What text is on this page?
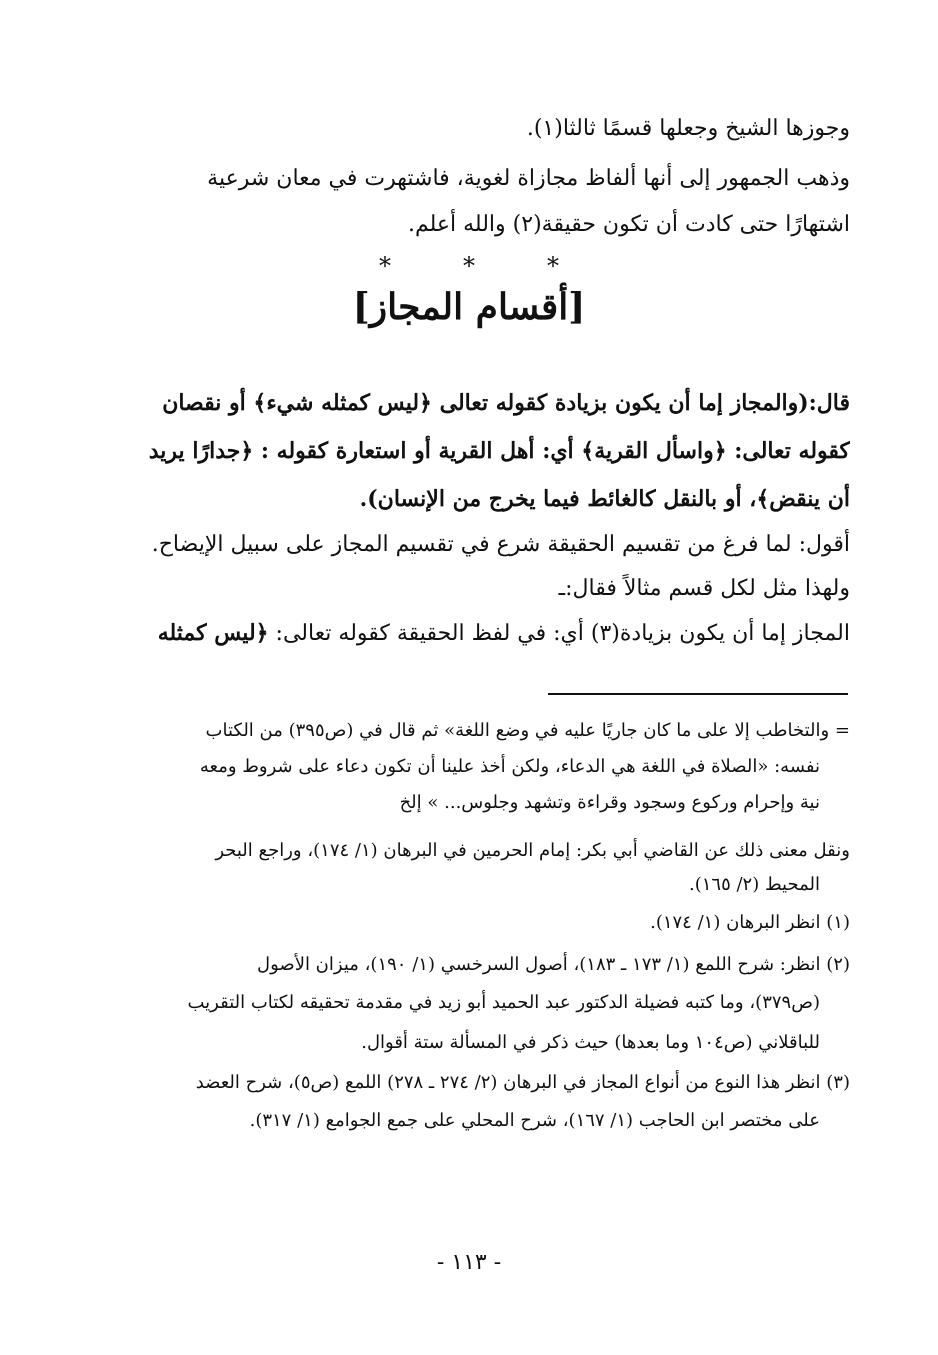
وجوزها الشيخ وجعلها قسمًا ثالثا(١).
وذهب الجمهور إلى أنها ألفاظ مجازاة لغوية، فاشتهرت في معان شرعية
اشتهارًا حتى كادت أن تكون حقيقة(٢) والله أعلم.
*	*	*
[أقسام المجاز]
قال:(والمجاز إما أن يكون بزيادة كقوله تعالى ﴿ليس كمثله شيء﴾ أو نقصان
كقوله تعالى: ﴿واسأل القرية﴾ أي: أهل القرية أو استعارة كقوله : ﴿جدارًا يريد
أن ينقض﴾، أو بالنقل كالغائط فيما يخرج من الإنسان).
أقول: لما فرغ من تقسيم الحقيقة شرع في تقسيم المجاز على سبيل الإيضاح.
ولهذا مثل لكل قسم مثالاً فقال:ـ
المجاز إما أن يكون بزيادة(٣) أي: في لفظ الحقيقة كقوله تعالى: ﴿ليس كمثله
= والتخاطب إلا على ما كان جاريًا عليه في وضع اللغة» ثم قال في (ص٣٩٥) من الكتاب
نفسه: «الصلاة في اللغة هي الدعاء، ولكن أخذ علينا أن تكون دعاء على شروط ومعه
نية وإحرام وركوع وسجود وقراءة وتشهد وجلوس... » إلخ
ونقل معنى ذلك عن القاضي أبي بكر: إمام الحرمين في البرهان (١/ ١٧٤)، وراجع البحر
المحيط (٢/ ١٦٥).
(١) انظر البرهان (١/ ١٧٤).
(٢) انظر: شرح اللمع (١/ ١٧٣ ـ ١٨٣)، أصول السرخسي (١/ ١٩٠)، ميزان الأصول
(ص٣٧٩)، وما كتبه فضيلة الدكتور عبد الحميد أبو زيد في مقدمة تحقيقه لكتاب التقريب
للباقلاني (ص١٠٤ وما بعدها) حيث ذكر في المسألة ستة أقوال.
(٣) انظر هذا النوع من أنواع المجاز في البرهان (٢/ ٢٧٤ ـ ٢٧٨) اللمع (ص٥)، شرح العضد
على مختصر ابن الحاجب (١/ ١٦٧)، شرح المحلي على جمع الجوامع (١/ ٣١٧).
- ١١٣ -
